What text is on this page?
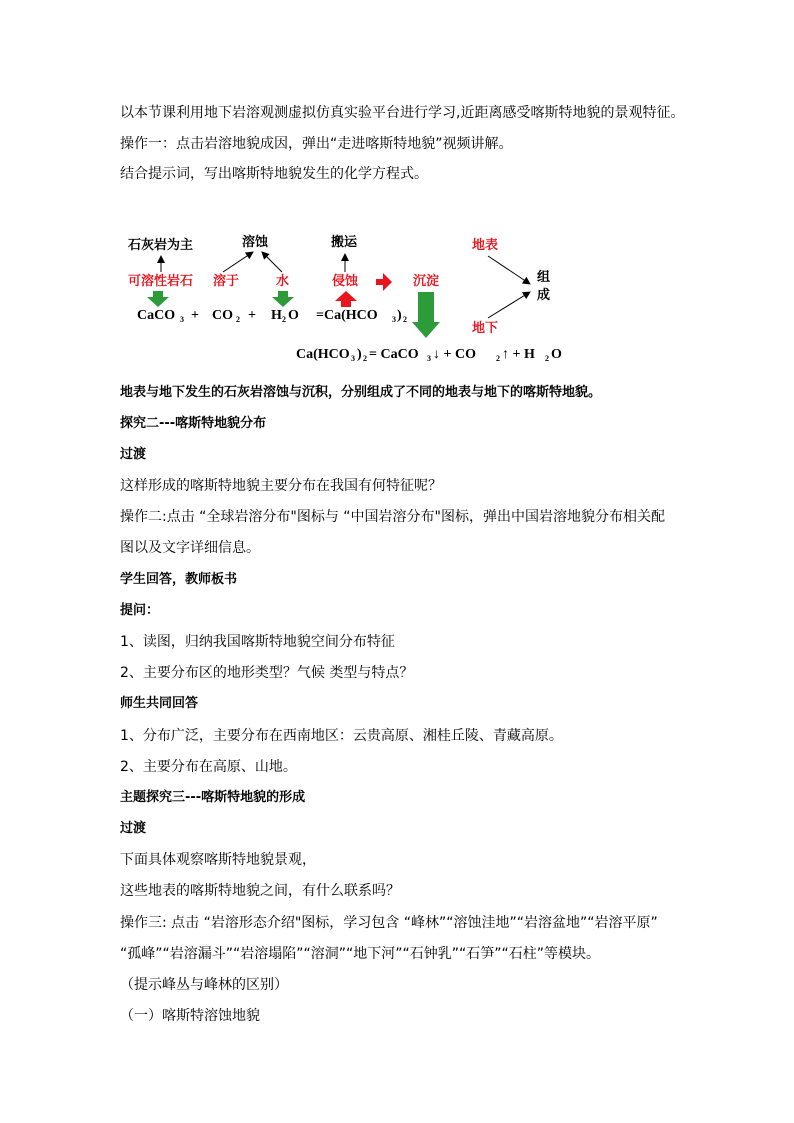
以本节课利用地下岩溶观测虚拟仿真实验平台进行学习,近距离感受喀斯特地貌的景观特征。
操作一：点击岩溶地貌成因，弹出“走进喀斯特地貌”视频讲解。
结合提示词，写出喀斯特地貌发生的化学方程式。
石灰岩为主	溶蚀	搬运	地表
组
成
可溶性岩石 溶于	水	侵蚀	沉淀
地下
CaCO 3 + CO 2 + H 2 O =Ca(HCO 3 ) 2
Ca(HCO 3 ) 2 = CaCO 3 ↓ + CO	2 ↑ + H 2 O
地表与地下发生的石灰岩溶蚀与沉积，分别组成了不同的地表与地下的喀斯特地貌。
探究二---喀斯特地貌分布
过渡
这样形成的喀斯特地貌主要分布在我国有何特征呢？
操作二:点击 “全球岩溶分布"图标与 “中国岩溶分布"图标，弹出中国岩溶地貌分布相关配
图以及文字详细信息。
学生回答，教师板书
提问：
1、读图，归纳我国喀斯特地貌空间分布特征
2、主要分布区的地形类型？气候 类型与特点？
师生共同回答
1、分布广泛，主要分布在西南地区：云贵高原、湘桂丘陵、青藏高原。
2、主要分布在高原、山地。
主题探究三---喀斯特地貌的形成
过渡
下面具体观察喀斯特地貌景观，
这些地表的喀斯特地貌之间，有什么联系吗？
操作三: 点击 “岩溶形态介绍"图标，学习包含 “峰林”“溶蚀洼地”“岩溶盆地”“岩溶平原”
“孤峰”“岩溶漏斗”“岩溶塌陷”“溶洞”“地下河”“石钟乳”“石笋”“石柱”等模块。
（提示峰丛与峰林的区别）
（一）喀斯特溶蚀地貌
